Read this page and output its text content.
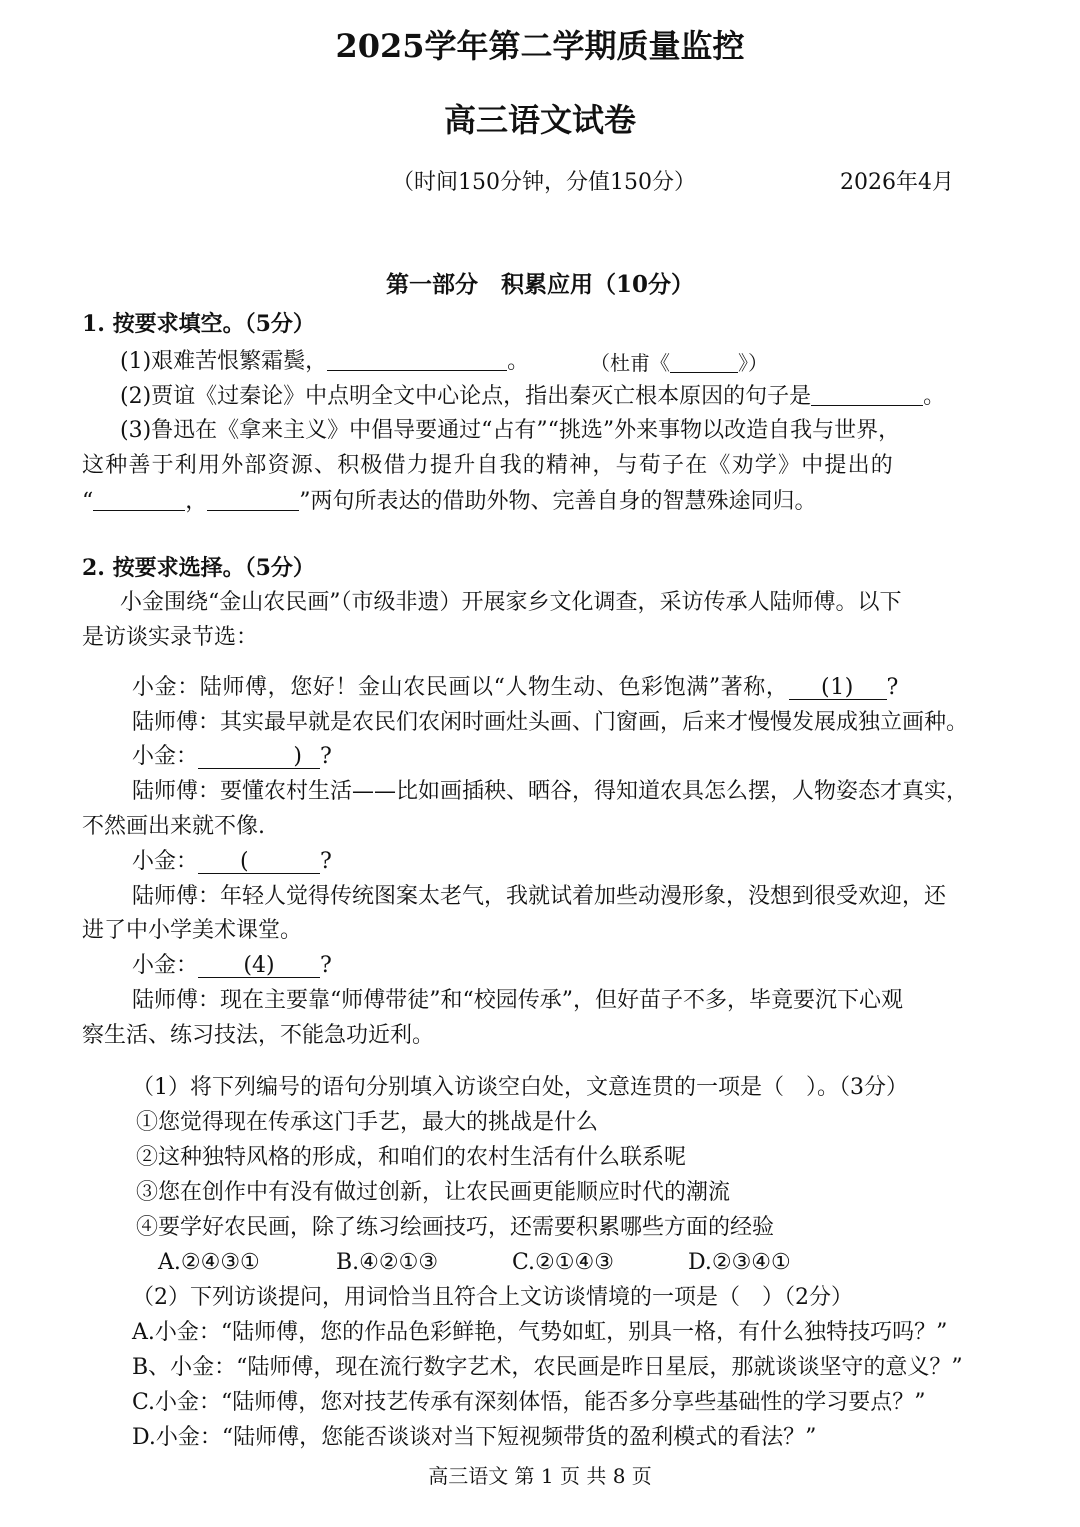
2025学年第二学期质量监控
高三语文试卷
（时间150分钟，分值150分）	2026年4月
第一部分　积累应用（10分）
1. 按要求填空。（5分）
(1)艰难苦恨繁霜鬓，	。	（杜甫《	》）
(2)贾谊《过秦论》中点明全文中心论点，指出秦灭亡根本原因的句子是	。
(3)鲁迅在《拿来主义》中倡导要通过“占有”“挑选”外来事物以改造自我与世界，
这种善于利用外部资源、积极借力提升自我的精神，与荀子在《劝学》中提出的
“	，	”两句所表达的借助外物、完善自身的智慧殊途同归。
2. 按要求选择。（5分）
小金围绕“金山农民画”（市级非遗）开展家乡文化调查，采访传承人陆师傅。以下
是访谈实录节选：
小金：陆师傅，您好！金山农民画以“人物生动、色彩饱满”著称， (1) ?
陆师傅：其实最早就是农民们农闲时画灶头画、门窗画，后来才慢慢发展成独立画种。
小金：	) ?
陆师傅：要懂农村生活——比如画插秧、晒谷，得知道农具怎么摆，人物姿态才真实，
不然画出来就不像.
小金： (	?
陆师傅：年轻人觉得传统图案太老气，我就试着加些动漫形象，没想到很受欢迎，还
进了中小学美术课堂。
小金： (4) ?
陆师傅：现在主要靠“师傅带徒”和“校园传承”，但好苗子不多，毕竟要沉下心观
察生活、练习技法，不能急功近利。
（1）将下列编号的语句分别填入访谈空白处，文意连贯的一项是（　）。（3分）
①您觉得现在传承这门手艺，最大的挑战是什么
②这种独特风格的形成，和咱们的农村生活有什么联系呢
③您在创作中有没有做过创新，让农民画更能顺应时代的潮流
④要学好农民画，除了练习绘画技巧，还需要积累哪些方面的经验
A.②④③①	B.④②①③	C.②①④③	D.②③④①
（2）下列访谈提问，用词恰当且符合上文访谈情境的一项是（　）（2分）
A.小金：“陆师傅，您的作品色彩鲜艳，气势如虹，别具一格，有什么独特技巧吗？”
B、小金：“陆师傅，现在流行数字艺术，农民画是昨日星辰，那就谈谈坚守的意义？”
C.小金：“陆师傅，您对技艺传承有深刻体悟，能否多分享些基础性的学习要点？”
D.小金：“陆师傅，您能否谈谈对当下短视频带货的盈利模式的看法？”
高三语文 第 1 页 共 8 页
